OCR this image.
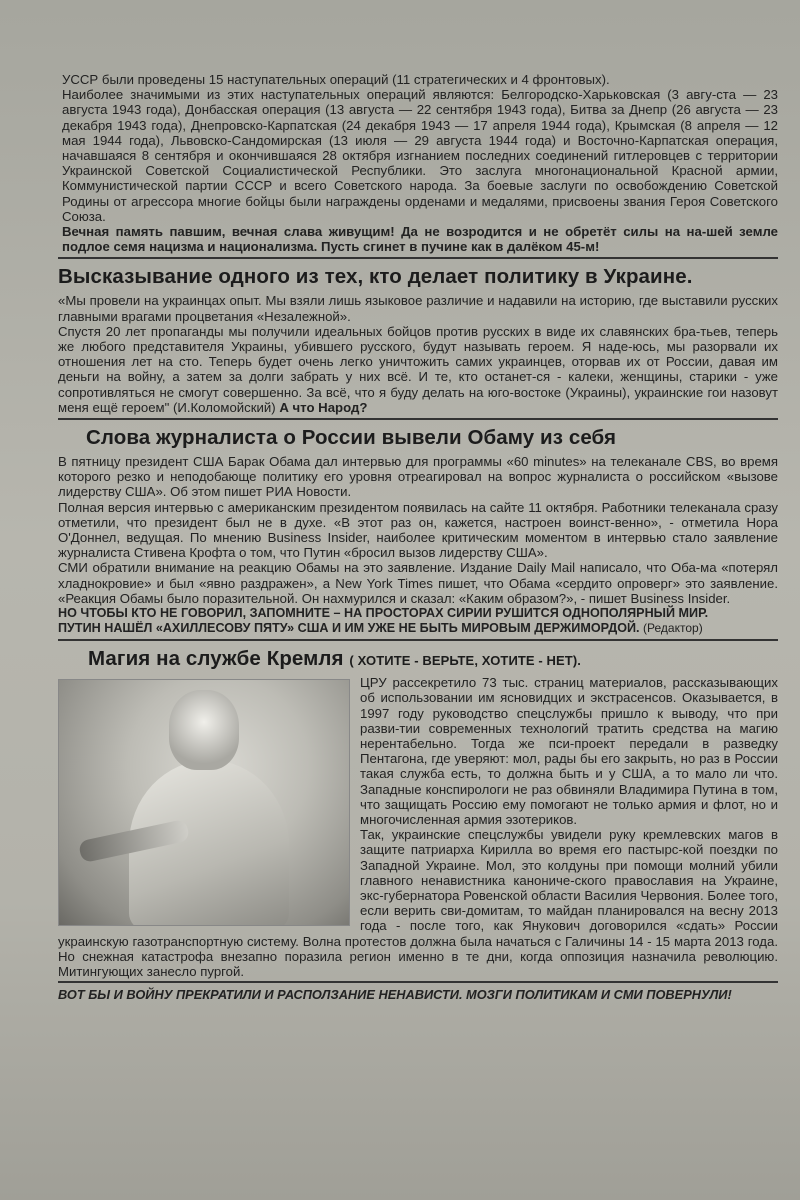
УССР были проведены 15 наступательных операций (11 стратегических и 4 фронтовых).

Наиболее значимыми из этих наступательных операций являются: Белгородско-Харьковская (3 авгу-ста — 23 августа 1943 года), Донбасская операция (13 августа — 22 сентября 1943 года), Битва за Днепр (26 августа — 23 декабря 1943 года), Днепровско-Карпатская (24 декабря 1943 — 17 апреля 1944 года), Крымская (8 апреля — 12 мая 1944 года), Львовско-Сандомирская (13 июля — 29 августа 1944 года) и Восточно-Карпатская операция, начавшаяся 8 сентября и окончившаяся 28 октября изгнанием последних соединений гитлеровцев с территории Украинской Советской Социалистической Республики. Это заслуга многонациональной Красной армии, Коммунистической партии СССР и всего Советского народа. За боевые заслуги по освобождению Советской Родины от агрессора многие бойцы были награждены орденами и медалями, присвоены звания Героя Советского Союза.

Вечная память павшим, вечная слава живущим! Да не возродится и не обретёт силы на на-шей земле подлое семя нацизма и национализма. Пусть сгинет в пучине как в далёком 45-м!

Высказывание одного из тех, кто делает политику в Украине.

«Мы провели на украинцах опыт. Мы взяли лишь языковое различие и надавили на историю, где выставили русских главными врагами процветания «Незалежной».

Спустя 20 лет пропаганды мы получили идеальных бойцов против русских в виде их славянских бра-тьев, теперь же любого представителя Украины, убившего русского, будут называть героем. Я наде-юсь, мы разорвали их отношения лет на сто. Теперь будет очень легко уничтожить самих украинцев, оторвав их от России, давая им деньги на войну, а затем за долги забрать у них всё. И те, кто останет-ся - калеки, женщины, старики - уже сопротивляться не смогут совершенно. За всё, что я буду делать на юго-востоке (Украины), украинские гои назовут меня ещё героем" (И.Коломойский) А что Народ?

Слова журналиста о России вывели Обаму из себя

В пятницу президент США Барак Обама дал интервью для программы «60 minutes» на телеканале CBS, во время которого резко и неподобающе политику его уровня отреагировал на вопрос журналиста о российском «вызове лидерству США». Об этом пишет РИА Новости.

Полная версия интервью с американским президентом появилась на сайте 11 октября. Работники телеканала сразу отметили, что президент был не в духе. «В этот раз он, кажется, настроен воинст-венно», - отметила Нора О'Доннел, ведущая. По мнению Business Insider, наиболее критическим моментом в интервью стало заявление журналиста Стивена Крофта о том, что Путин «бросил вызов лидерству США».

СМИ обратили внимание на реакцию Обамы на это заявление. Издание Daily Mail написало, что Оба-ма «потерял хладнокровие» и был «явно раздражен», а New York Times пишет, что Обама «сердито опроверг» это заявление. «Реакция Обамы было поразительной. Он нахмурился и сказал: «Каким образом?», - пишет Business Insider.

НО ЧТОБЫ КТО НЕ ГОВОРИЛ, ЗАПОМНИТЕ – НА ПРОСТОРАХ СИРИИ РУШИТСЯ ОДНОПОЛЯРНЫЙ МИР.

ПУТИН НАШЁЛ «АХИЛЛЕСОВУ ПЯТУ» США И ИМ УЖЕ НЕ БЫТЬ МИРОВЫМ ДЕРЖИМОРДОЙ. (Редактор)

Магия на службе Кремля ( ХОТИТЕ - ВЕРЬТЕ, ХОТИТЕ - НЕТ).

ЦРУ рассекретило 73 тыс. страниц материалов, рассказывающих об использовании им ясновидцих и экстрасенсов. Оказывается, в 1997 году руководство спецслужбы пришло к выводу, что при разви-тии современных технологий тратить средства на магию нерентабельно. Тогда же пси-проект передали в разведку Пентагона, где уверяют: мол, рады бы его закрыть, но раз в России такая служба есть, то должна быть и у США, а то мало ли что. Западные конспирологи не раз обвиняли Владимира Путина в том, что защищать Россию ему помогают не только армия и флот, но и многочисленная армия эзотериков.

Так, украинские спецслужбы увидели руку кремлевских магов в защите патриарха Кирилла во время его пастырс-кой поездки по Западной Украине. Мол, это колдуны при помощи молний убили главного ненавистника канониче-ского православия на Украине, экс-губернатора Ровенской области Василия Червония. Более того, если верить сви-домитам, то майдан планировался на весну 2013 года - после того, как Янукович договорился «сдать» России украинскую газотранспортную систему. Волна протестов должна была начаться с Галичины 14 - 15 марта 2013 года. Но снежная катастрофа внезапно поразила регион именно в те дни, когда оппозиция назначила революцию. Митингующих занесло пургой.

ВОТ БЫ И ВОЙНУ ПРЕКРАТИЛИ И РАСПОЛЗАНИЕ НЕНАВИСТИ. МОЗГИ ПОЛИТИКАМ И СМИ ПОВЕРНУЛИ!
